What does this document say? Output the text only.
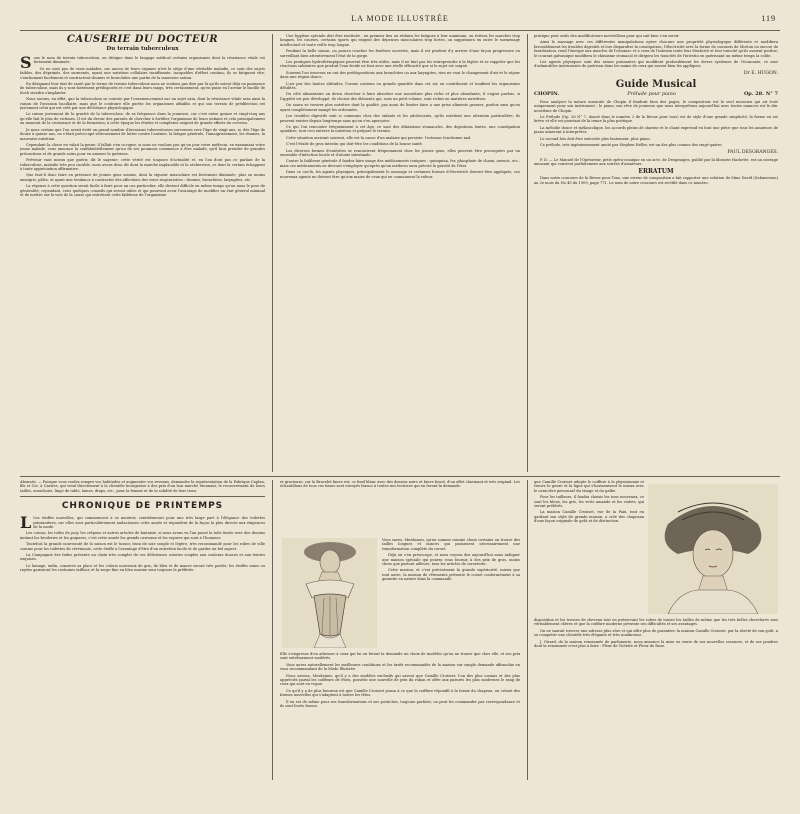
LA MODE ILLUSTRÉE	119
CAUSERIE DU DOCTEUR
Du terrain tuberculeux

Sous le nom de terrain tuberculeux, on désigne dans le langage médical certains organismes dont la résistance vitale est fortement diminuée.

Ce ne sont pas de vrais malades, car aucun de leurs organes n'est le siège d'une véritable maladie, ce sont des sujets faibles, des déprimés, des surmenés, ayant une nutrition cellulaire insuffisante, incapables d'effort continu; ils se fatiguent vite, s'enrhument facilement et contractent rhumes et bronchites une partie de la mauvaise saison.

En désignant leur état de santé par le terme de terrain tuberculeux nous ne voulons pas dire par là qu'ils soient déjà en puissance de tuberculose, mais ils y sont fortement prédisposés et c'est dans leurs rangs, très certainement, qu'en puise en l'avenir le bacille de Koch viendra s'implanter.

Nous savons, en effet, que la tuberculose se convoie par l'ensemencement sur un sujet sain, dont la résistance vitale sera ainsi la raison de l'invasion bacillaire, mais que le contraire elle guette les organismes affaiblis et qui son terrain de prédilection est justement celui qui est créé par une déchéance physiologique.

Le raison justement de la gravité de la tuberculose, de sa fréquence dans la jeunesse, car c'est entre quinze et vingt-cinq ans qu'elle fait le plus de victimes. Il est du devoir des parents de chercher à fortifier l'organisme de leurs enfants et cela principalement au moment de la croissance et de la formation; à cette époque les études et complexes exigent de grands efforts du cerveau.

Je nous certain que l'on serait évité un grand nombre d'invasions tuberculeuses survenues vers l'âge de vingt ans, si, dès l'âge de douze à quinze ans, on s'était préoccupé sérieusement de lutter contre l'anémie, la fatigue générale, l'amaigrissement, les rhumes, la mauvaise nutrition.

Cependant la chose en valait la peine; il fallait s'en occuper, si nous ne voulons pas qu'un jour votre médecin, en examinant votre jeune malade, vous annonce la confidentiellement qu'un de ses poumons commence à être malade, qu'il faut prendre de grandes précautions et de grands soins pour en amener la guérison.

Prévenir vaut mieux que guérir, dit le sagesse; cette vérité est toujours d'actualité et, en l'an dont pas ce parlant de la tuberculose, maladie très peu curable, nous avons donc dit dont la marche implacable et la sécheresse, ce dont la certain échappent à toute appréciation affirmative.

Que faut-il donc faire en présence de jeunes gens soumis, dont la vigueur musculaire est fortement diminuée, plus ou moins amaigris, pâles, et ayant une tendance à contracter des affections des voies respiratoires : rhumes, bronchites, laryngites, etc.

La réponse à cette question serait facile à faire pour un cas particulier, elle devient difficile en même temps qu'on nous le pose de généralité; cependant, voici quelques conseils qui seront utiles et qui pourront avoir l'avantage de modifier un état général minimal et de mettre sur la voie de la cause qui entretient cette faiblesse de l'organisme.

Une hygiène spéciale doit être instituée : en premier lieu on réduira les fatigues à leur minimum, on évitera les marches trop longues, les courses, certains sports qui exigent des dépenses musculaires trop fortes, on supprimera en outre le surmenage intellectuel et toute veille trop longue.

Pendant la belle saison, on pourra coucher les fenêtres ouvertes, mais il est prudent d'y arriver d'une façon progressive en surveillant bien attentivement l'état de la gorge.

Les pratiques hydrothérapiques peuvent être très utiles, mais il ne faut pas les entreprendre à la légère et se rappeler que les réactions salutaires que produit l'eau froide ne font avec une réelle efficacité que si le sujet est soigné.

Souvent l'on trouvera en ont des prédispositions aux bronchites ou aux laryngites, rien ne vaut le changement d'air et le séjour dans une région douce.

L'air pur des hautes altitudes, l'ozone contenu en grande quantité dans cet air, en contribuent et tonifient les organismes débilités.

Du côté alimentaire on devra chercher à faire absorber une nourriture plus riche et plus abondante; il s'agira parfois, si l'appétit est peu développé, de choisir des éléments qui, sous un petit volume, sont riches en matières nutritives.

On saura se trouver plus nutritive dont la qualité, pas aussi de limiter faire a une prise aliments grasses, parfois sans qu'en ayant complètement mangé les ordonnées.

Les troubles digestifs sont si communs chez des enfants et les adolescents, qu'ils méritent une attention particulière; ils peuvent exister depuis longtemps sans qu'on s'en aperçoive.

Ce qui l'on rencontre fréquemment à cet âge, ce sont des dilatations stomacales, des digestions lentes, une constipation opiniâtre; tout ceci entrave la nutrition et prépare le terrain.

Cette situation arrivant souvent, elle est la cause d'un malaise qui persiste: l'estomac fonctionne mal.

C'est l'étude de gros intestin qui doit-être les conditions de la bonne santé.

Les diverses formes d'entérites se rencontrent fréquemment chez les jeunes gens, elles peuvent être provoquées par un ensemble d'infection locale et d'atonie intestinale.

Contre la faiblesse générale il faudra faire usage des médicaments toniques : quinquina, fer, phosphate de chaux, arsenic, etc., mais ces médicaments ne devront s'employer qu'après qu'un médecin aura précisé la gravité de l'état.

Dans ce cas-là, les agents physiques, principalement le massage et certaines formes d'électricité doivent être appliqués; ces nouveaux agents ne doivent être qu'aux mains de ceux qui en connaissent la valeur.

pratique peut seuls des modificateurs merveilleux pour qui sait bien s'en servir.

Ainsi le massage avec ces différentes manipulations opère chacune une propriété physiologique différente et modifiera favorablement les troubles digestifs et lors disparaître la constipation; l'électricité avec la forme de courants de Morton ou encore de faradisation, rend l'énergie aux muscles de l'estomac et à ceux de l'intestin toute leur élasticité et leur tonicité qu'ils avaient perdue; le courant galvanique modifiera le chimisme stomacal et dirigera les tonicités de l'intestin en guérissant un même temps la colite.

Les agents physiques sont des armes puissantes qui modifient profondément les divers systèmes de l'économie, ce sont d'admirables instruments de guérison dans les mains de ceux qui savent bien les appliquer.

Dr E. HUGON.
Guide Musical
CHOPIN.	Prélude pour piano	Op. 28. N° 7

Pour analyser la nature musicale de Chopin il faudrait bien des pages, le compositeur est le seul musicien qui ait écrit uniquement pour son instrument : le piano; son rêve de jeunesse que nous interprétons aujourd'hui avec toutes nuances est le dix-neuvième de Chopin.

Le Prélude (Op. 28 N° 7, donné dans le numéro 2 de la Revue pour tous) est de style d'une grande simplicité, la forme en est brève et elle est pourtant de la tenue la plus poétique.

La mélodie douce et mélancolique, les accords pleins de charme et le chant expressif en font une pièce que tous les amateurs de piano aimeront à interpréter.

Le second fois doit être exécutée plus lentement, plus piano.

Ce prélude, très ingénieusement anoté par Stephen Heller, est un des plus connus des vingt-quatre.

PAUL DESGRANGES.

P. D. — Le Manuel de l'Opérateur, petit opéra-comique en un acte, de Desgranges, publié par la librairie Hachette, est un ouvrage amusant qui convient parfaitement aux soirées d'amateurs.

ERRATUM

Dans notre concours de la Revue pour Tous, une erreur de composition a fait rapporter une solution de Mme David (Submersion) au 2e mois du No 49 du 1909, page 771. Le nom de notre concours est rectifié dans ce numéro.

Abonnés. — Puisque vous voulez rompre vos habitudes et augmenter vos revenus, demandez la représentation de la Fabrique Caplan, fils et Cie, à Castres, qui vend directement à la clientèle bourgeoise à des prix d'un bon marché étonnant; le recouvrement de leurs tailles, mouchoirs, linge de table, lames, draps, etc., pour la femme et de la solidité de leur tissu.

CHRONIQUE DE PRINTEMPS

L Les étoffes nouvelles, qui commencent à se montrer, contribueront pour une très large part à l'élégance des toilettes printanières, car elles sont particulièrement audacieuses cette année et répondent de la façon la plus directe aux exigences de la mode.

Les cotons, les toiles de jouy, les crêpons et autres articles de fantaisie, si nous avons vu l'an passé la toile tissée avec des dessins imitant les broderies et les guipures, c'est cette année les grands carreaux et les rayures qui sont à l'honneur.

Toutefois la grande nouveauté de la saison est le tussor, tissu de soie souple et légère, très recommandé pour les robes de ville comme pour les toilettes de cérémonie, cette étoffe a l'avantage d'être d'un entretien facile et de garder un bel aspect.

La Compagnie des Indes présente un choix très complet de ces délicieuses soieries souples aux couleurs douces et aux teintes exquises.

Le lainage, enfin, conserve sa place et les coloris nouveaux de gris, de bleu et de mauve seront très portés; les étoffes unies ou rayées garniront les costumes tailleur, et la serge fine en bleu marine sera toujours la préférée.

et gracieuse, car la Bracelet fauve est, ce fond blanc avec des dessins noirs et fauve foncé, d'un effet charmant et très original. Les échantillons de tous ces tissus sont envoyés franco à toutes nos lectrices qui en feront la demande.

Vous savez, Mesdames, qu'en somme comme chose certaine on trouve des tailles longues et minces qui paraissent nécessairement une transformation complète du corset.

Déjà on s'en préoccupe, et nous voyons des aujourd'hui nous indiquer une maison spéciale qui pourra vous fournir, à des prix de gros, moins chers que partout ailleurs, tous les articles de corseterie.

Cette maison, et c'est précisément la grande supériorité, mieux que tout autre, la maison de vêtements présente le corset conformément à sa garantie en nature dans la commande.

Elle s'empresse d'en adresser à ceux qui lui en feront la demande un choix de modèles qu'on ne trouve que chez elle, et ses prix sont extrêmement modérés.

Vous aurez naturellement les meilleures conditions et les tarifs recommandés de la maison sur simple demande affranchie en vous recommandant de la Mode Illustrée.

Nous savons, Mesdames, qu'il y a des modèles exclusifs qui savent que Camille Croisset, l'un des plus connus et des plus appréciés parmi les coiffeurs de Paris, possède une nouvelle de prix du ruban et offre aux parures les plus modernes le rang de ceux qui sont en vogue.

Ce qu'il y a de plus heureux est que Camille Croisset pensa à ce que la coiffure répondît à la forme du chapeau, en créant des formes nouvelles qui s'adaptent à toutes les têtes.

Il en est de même pour ses transformations et ses postiches, toujours parfaits; on peut les commander par correspondance et ils sont livrés franco.

que Camille Croisset adopte le coiffure à la physionomie et trouve le genre et la ligne qui s'harmonisent le mieux avec le caractère personnel du visage et du galbe.

Pour les tailleurs, il faudra choisir les tons nouveaux, ce sont les bleus, les gris, les verts amande et les violets, qui seront préférés.

La maison Camille Croisset, rue de la Paix, tout en gardant son style de grande maison, a créé des chapeaux d'une façon originale de goût et de distinction.

disposition et les tresses de cheveux tout en préservant les robes de toutes les tailles de même que les très belles chevelures sont véritablement chères et que la coiffure moderne présente ses difficultés et ses avantages.

On ne saurait trouver une adresse plus sûre et qui offre plus de garanties: la maison Camille Croisset, par la sûreté de son goût, a su conquérir une clientèle très élégante et très nombreuse.

J. Girard, de la maison renommée de parfumerie, nous annonce la mise en vente de ses nouvelles essences, et de ses poudres dont la renommée n'est plus à faire : Fleur de Violette et Fleur de Rose.
